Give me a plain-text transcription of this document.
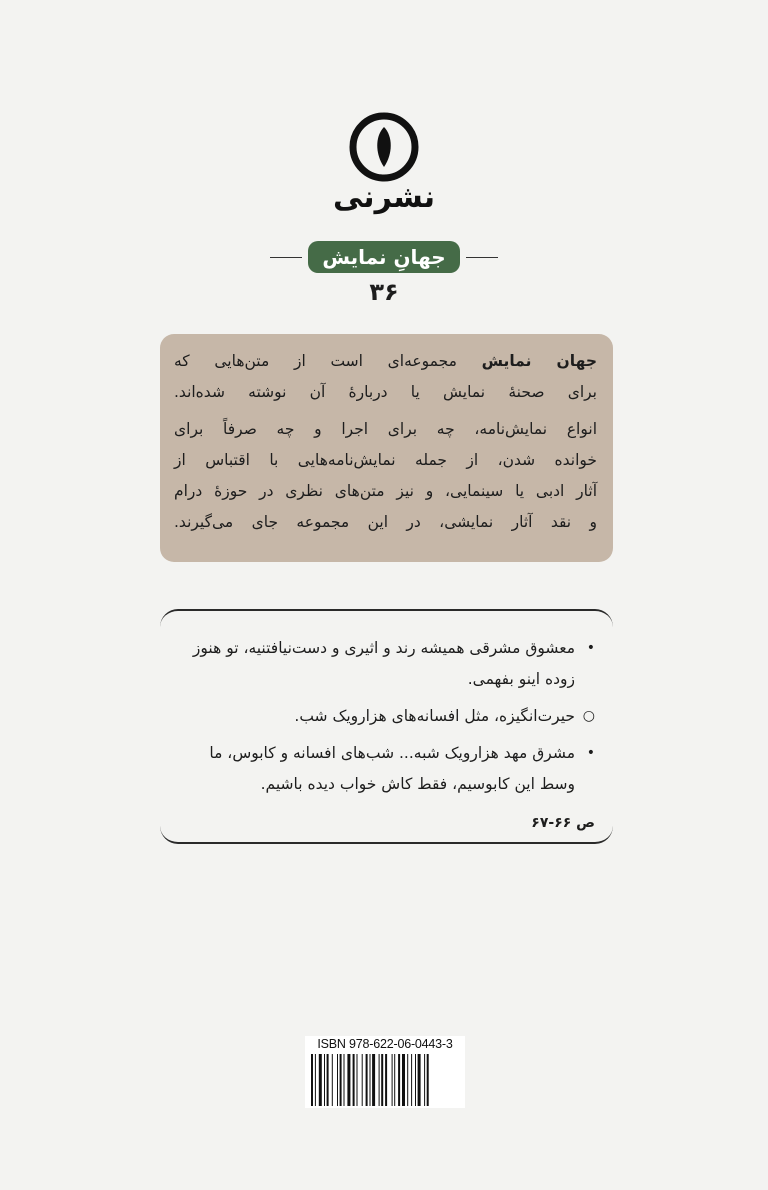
نشرنی
جهانِ نمایش
۳۶

جهان نمایش مجموعه‌ای است از متن‌هایی که

برای صحنهٔ نمایش یا دربارهٔ آن نوشته شده‌اند.

انواع نمایش‌نامه، چه برای اجرا و چه صرفاً برای

خوانده شدن، از جمله نمایش‌نامه‌هایی با اقتباس از

آثار ادبی یا سینمایی، و نیز متن‌های نظری در حوزهٔ درام

و نقد آثار نمایشی، در این مجموعه جای می‌گیرند.

•
معشوق مشرقی همیشه رند و اثیری و دست‌نیافتنیه، تو هنوز زوده اینو بفهمی.
○
حیرت‌انگیزه، مثل افسانه‌های هزارویک شب.
•
مشرق مهد هزارویک شبه... شب‌های افسانه و کابوس، ما وسط این کابوسیم، فقط کاش خواب دیده باشیم.
ص ۶۶-۶۷
ISBN 978-622-06-0443-3
